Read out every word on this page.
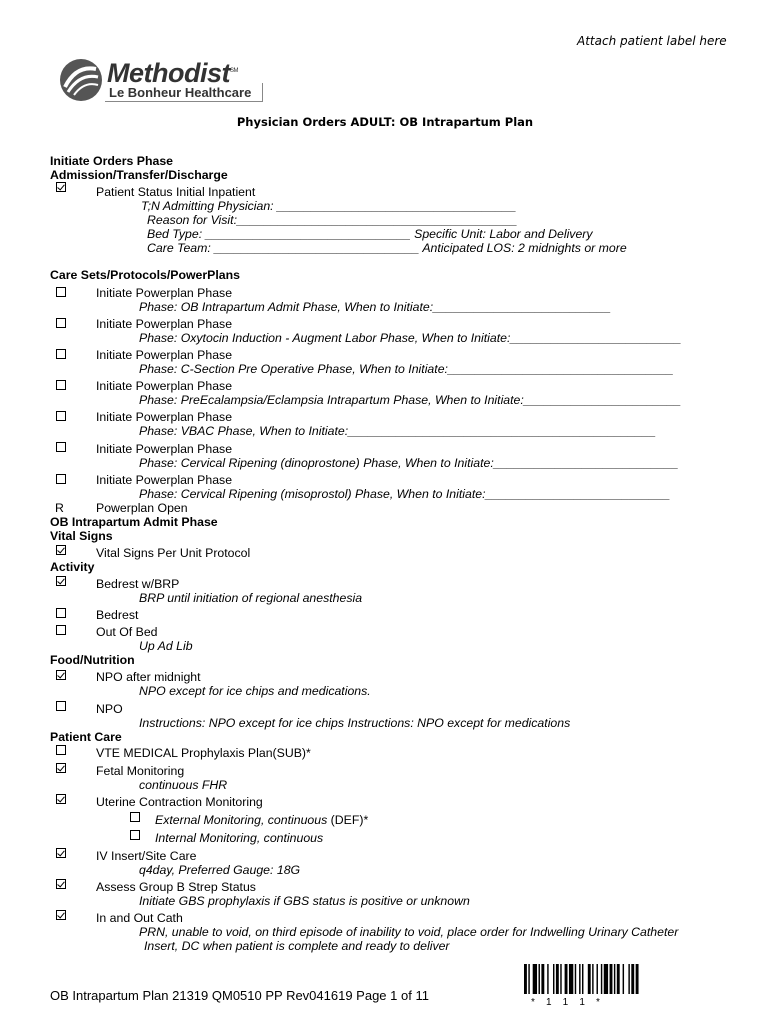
Attach patient label here
Methodist℠
Le Bonheur Healthcare
Physician Orders ADULT: OB Intrapartum Plan
Initiate Orders Phase
Admission/Transfer/Discharge
Patient Status Initial Inpatient
T;N Admitting Physician: ___________________________________
Reason for Visit:_________________________________________
Bed Type: ______________________________ Specific Unit: Labor and Delivery
Care Team: ______________________________ Anticipated LOS: 2 midnights or more
Care Sets/Protocols/PowerPlans
Initiate Powerplan Phase
Phase: OB Intrapartum Admit Phase, When to Initiate:__________________________
Initiate Powerplan Phase
Phase: Oxytocin Induction - Augment Labor Phase, When to Initiate:_________________________
Initiate Powerplan Phase
Phase: C-Section Pre Operative Phase, When to Initiate:_________________________________
Initiate Powerplan Phase
Phase: PreEcalampsia/Eclampsia Intrapartum Phase, When to Initiate:_______________________
Initiate Powerplan Phase
Phase: VBAC Phase, When to Initiate:_____________________________________________
Initiate Powerplan Phase
Phase: Cervical Ripening (dinoprostone) Phase, When to Initiate:___________________________
Initiate Powerplan Phase
Phase: Cervical Ripening (misoprostol) Phase, When to Initiate:___________________________
R	Powerplan Open
OB Intrapartum Admit Phase
Vital Signs
Vital Signs Per Unit Protocol
Activity
Bedrest w/BRP
BRP until initiation of regional anesthesia
Bedrest
Out Of Bed
Up Ad Lib
Food/Nutrition
NPO after midnight
NPO except for ice chips and medications.
NPO
Instructions: NPO except for ice chips Instructions: NPO except for medications
Patient Care
VTE MEDICAL Prophylaxis Plan(SUB)*
Fetal Monitoring
continuous FHR
Uterine Contraction Monitoring
External Monitoring, continuous (DEF)*
Internal Monitoring, continuous
IV Insert/Site Care
q4day, Preferred Gauge: 18G
Assess Group B Strep Status
Initiate GBS prophylaxis if GBS status is positive or unknown
In and Out Cath
PRN, unable to void, on third episode of inability to void, place order for Indwelling Urinary Catheter
Insert, DC when patient is complete and ready to deliver
OB Intrapartum Plan 21319 QM0510 PP Rev041619 Page 1 of 11	*    1    1    1    *
